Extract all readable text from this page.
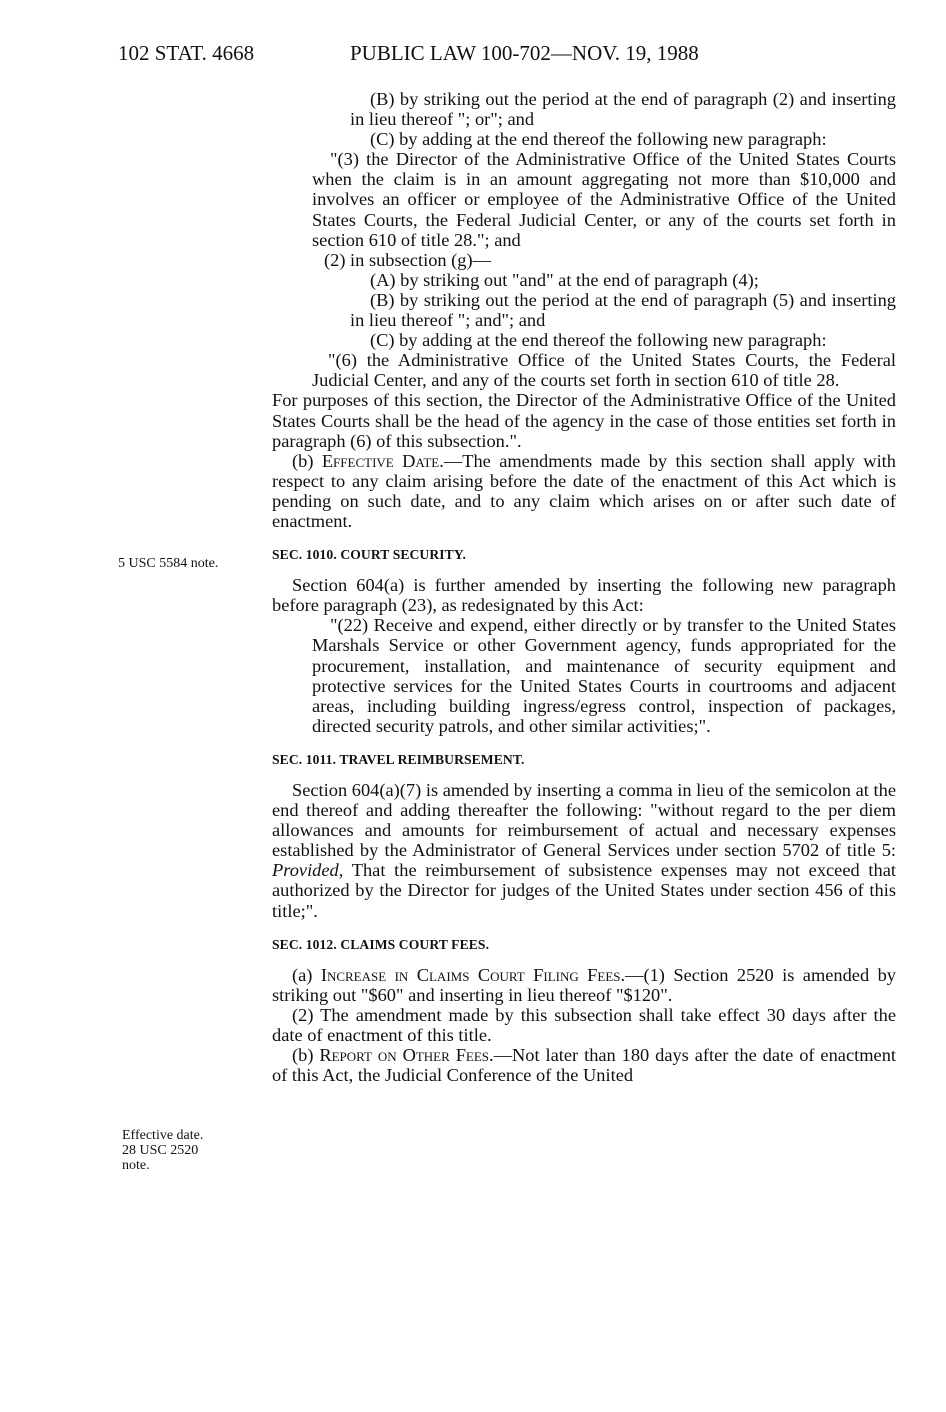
102 STAT. 4668	PUBLIC LAW 100-702—NOV. 19, 1988
5 USC 5584 note.
Effective date.
28 USC 2520
note.

(B) by striking out the period at the end of paragraph (2) and inserting in lieu thereof "; or"; and

(C) by adding at the end thereof the following new paragraph:

"(3) the Director of the Administrative Office of the United States Courts when the claim is in an amount aggregating not more than $10,000 and involves an officer or employee of the Administrative Office of the United States Courts, the Federal Judicial Center, or any of the courts set forth in section 610 of title 28."; and

(2) in subsection (g)—

(A) by striking out "and" at the end of paragraph (4);

(B) by striking out the period at the end of paragraph (5) and inserting in lieu thereof "; and"; and

(C) by adding at the end thereof the following new paragraph:

"(6) the Administrative Office of the United States Courts, the Federal Judicial Center, and any of the courts set forth in section 610 of title 28.

For purposes of this section, the Director of the Administrative Office of the United States Courts shall be the head of the agency in the case of those entities set forth in paragraph (6) of this subsection.".

(b) Effective Date.—The amendments made by this section shall apply with respect to any claim arising before the date of the enactment of this Act which is pending on such date, and to any claim which arises on or after such date of enactment.

SEC. 1010. COURT SECURITY.

Section 604(a) is further amended by inserting the following new paragraph before paragraph (23), as redesignated by this Act:

"(22) Receive and expend, either directly or by transfer to the United States Marshals Service or other Government agency, funds appropriated for the procurement, installation, and maintenance of security equipment and protective services for the United States Courts in courtrooms and adjacent areas, including building ingress/egress control, inspection of packages, directed security patrols, and other similar activities;".

SEC. 1011. TRAVEL REIMBURSEMENT.

Section 604(a)(7) is amended by inserting a comma in lieu of the semicolon at the end thereof and adding thereafter the following: "without regard to the per diem allowances and amounts for reimbursement of actual and necessary expenses established by the Administrator of General Services under section 5702 of title 5: Provided, That the reimbursement of subsistence expenses may not exceed that authorized by the Director for judges of the United States under section 456 of this title;".

SEC. 1012. CLAIMS COURT FEES.

(a) Increase in Claims Court Filing Fees.—(1) Section 2520 is amended by striking out "$60" and inserting in lieu thereof "$120".

(2) The amendment made by this subsection shall take effect 30 days after the date of enactment of this title.

(b) Report on Other Fees.—Not later than 180 days after the date of enactment of this Act, the Judicial Conference of the United
